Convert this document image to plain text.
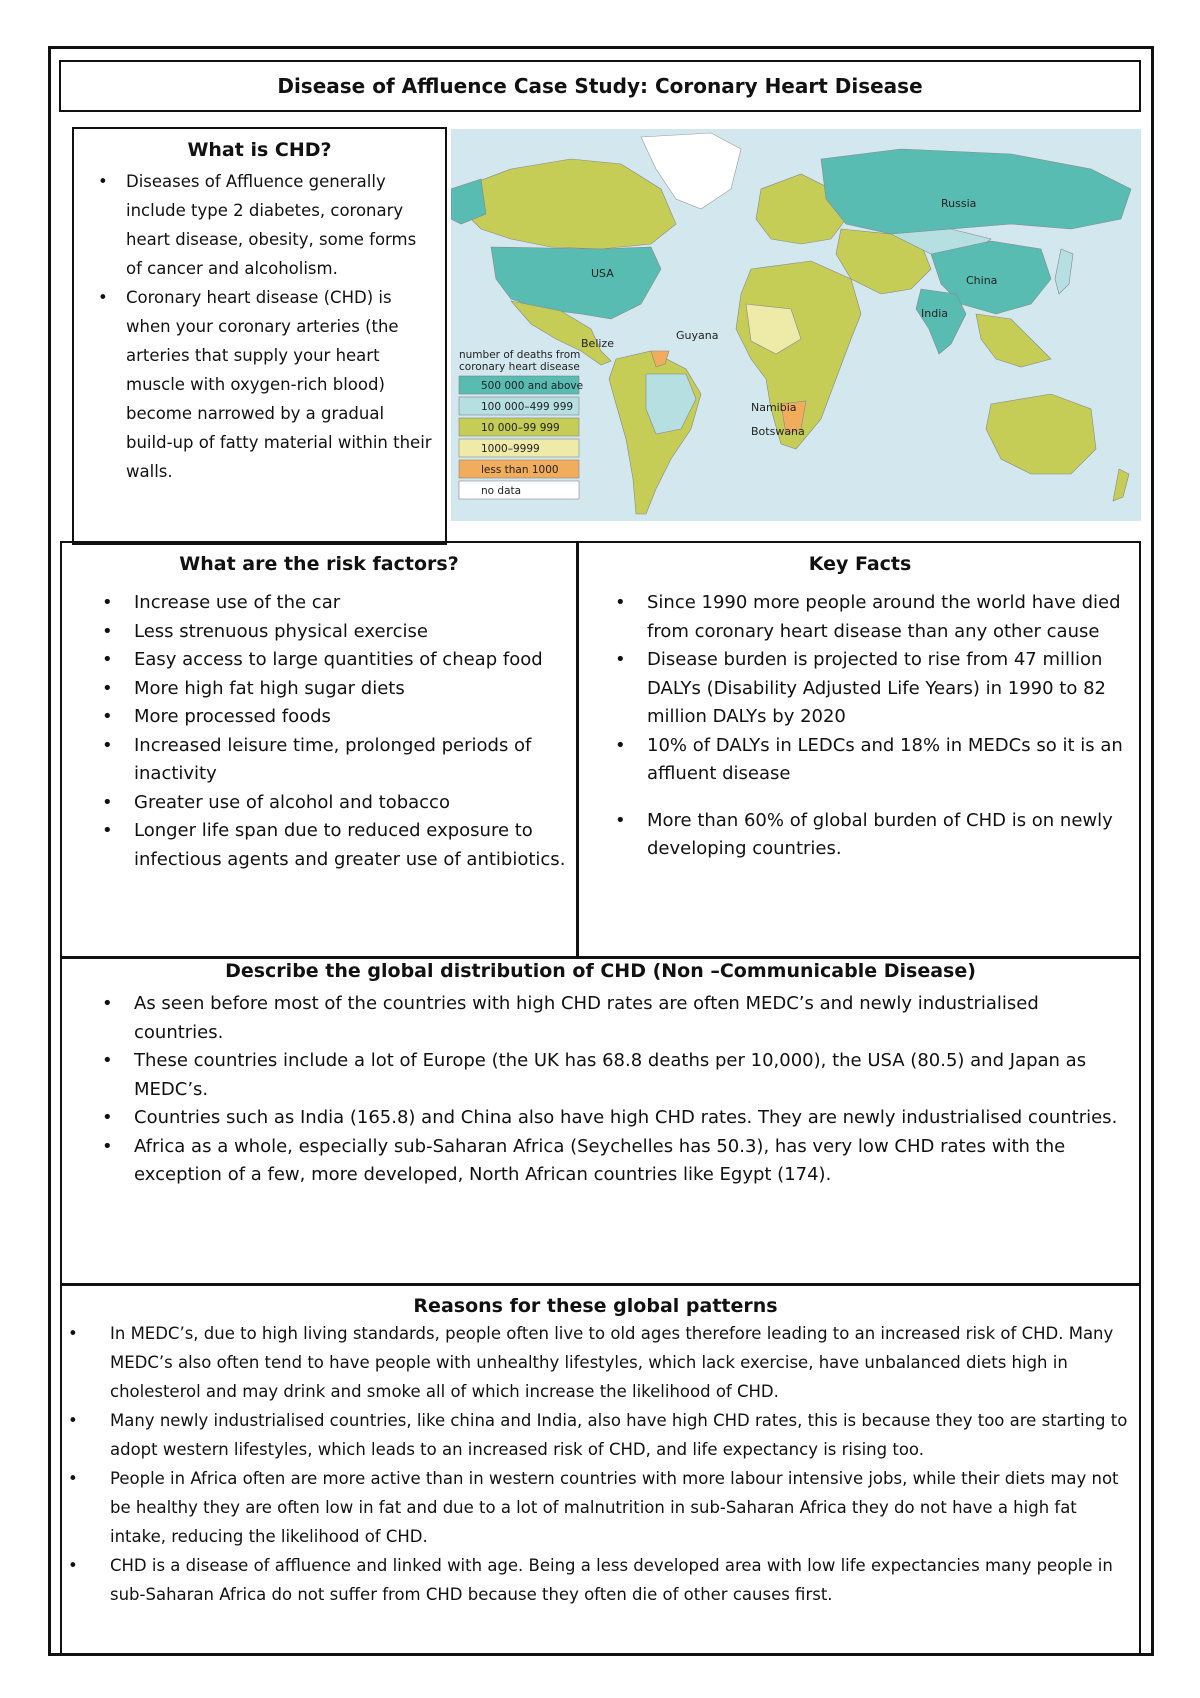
Disease of Affluence Case Study: Coronary Heart Disease
What is CHD?
• Diseases of Affluence generally include type 2 diabetes, coronary heart disease, obesity, some forms of cancer and alcoholism.
• Coronary heart disease (CHD) is when your coronary arteries (the arteries that supply your heart muscle with oxygen-rich blood) become narrowed by a gradual build-up of fatty material within their walls.
Russia
USA
China
India
Belize
Guyana
Namibia
Botswana
number of deaths from
coronary heart disease
500 000 and above
100 000–499 999
10 000–99 999
1000–9999
less than 1000
no data
What are the risk factors?
• Increase use of the car
• Less strenuous physical exercise
• Easy access to large quantities of cheap food
• More high fat high sugar diets
• More processed foods
• Increased leisure time, prolonged periods of inactivity
• Greater use of alcohol and tobacco
• Longer life span due to reduced exposure to infectious agents and greater use of antibiotics.
Key Facts
• Since 1990 more people around the world have died from coronary heart disease than any other cause
• Disease burden is projected to rise from 47 million DALYs (Disability Adjusted Life Years) in 1990 to 82 million DALYs by 2020
• 10% of DALYs in LEDCs and 18% in MEDCs so it is an affluent disease
• More than 60% of global burden of CHD is on newly developing countries.
Describe the global distribution of CHD (Non –Communicable Disease)
• As seen before most of the countries with high CHD rates are often MEDC’s and newly industrialised countries.
• These countries include a lot of Europe (the UK has 68.8 deaths per 10,000), the USA (80.5) and Japan as MEDC’s.
• Countries such as India (165.8) and China also have high CHD rates. They are newly industrialised countries.
• Africa as a whole, especially sub-Saharan Africa (Seychelles has 50.3), has very low CHD rates with the exception of a few, more developed, North African countries like Egypt (174).
Reasons for these global patterns
• In MEDC’s, due to high living standards, people often live to old ages therefore leading to an increased risk of CHD. Many MEDC’s also often tend to have people with unhealthy lifestyles, which lack exercise, have unbalanced diets high in cholesterol and may drink and smoke all of which increase the likelihood of CHD.
• Many newly industrialised countries, like china and India, also have high CHD rates, this is because they too are starting to adopt western lifestyles, which leads to an increased risk of CHD, and life expectancy is rising too.
• People in Africa often are more active than in western countries with more labour intensive jobs, while their diets may not be healthy they are often low in fat and due to a lot of malnutrition in sub-Saharan Africa they do not have a high fat intake, reducing the likelihood of CHD.
• CHD is a disease of affluence and linked with age. Being a less developed area with low life expectancies many people in sub-Saharan Africa do not suffer from CHD because they often die of other causes first.
